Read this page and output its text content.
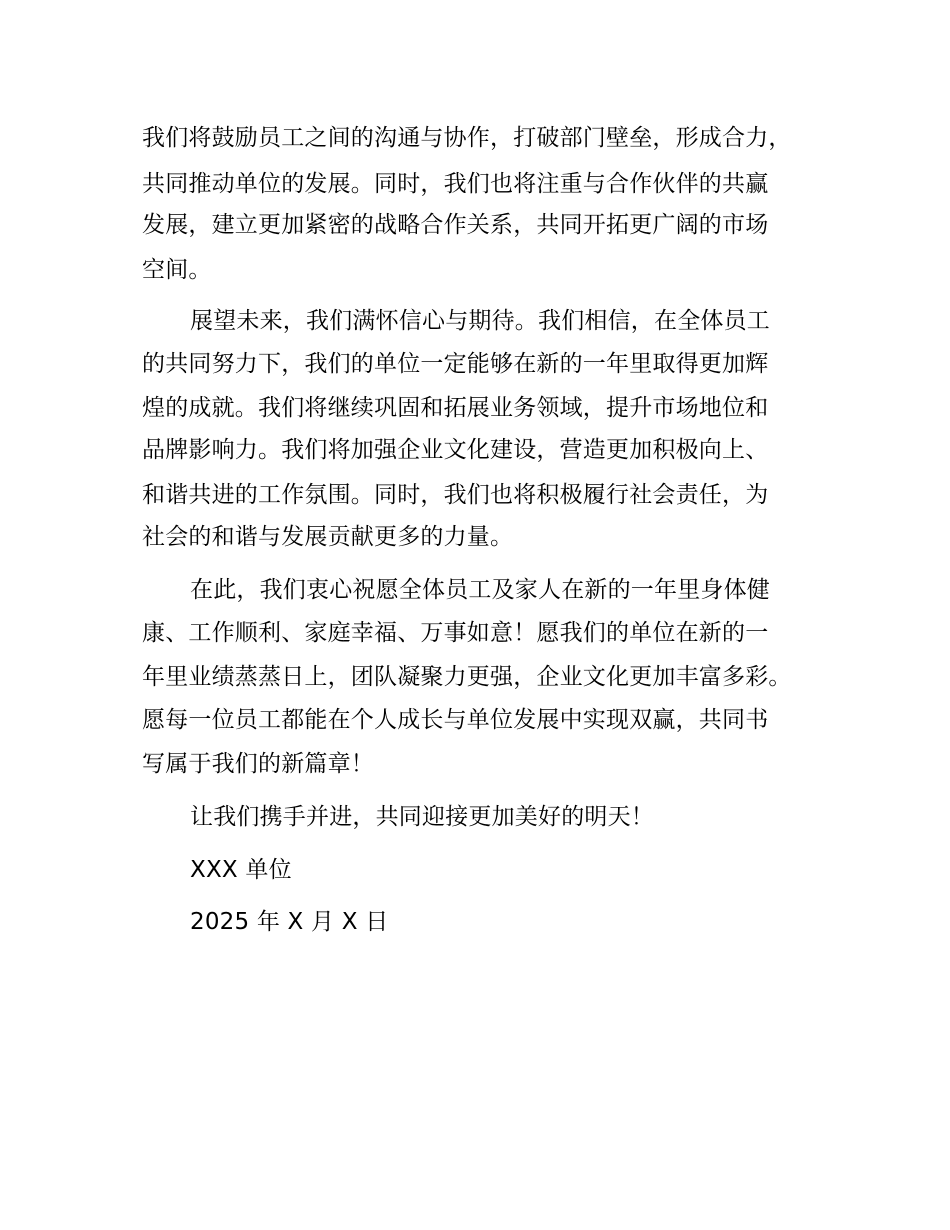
我们将鼓励员工之间的沟通与协作，打破部门壁垒，形成合力，
共同推动单位的发展。同时，我们也将注重与合作伙伴的共赢
发展，建立更加紧密的战略合作关系，共同开拓更广阔的市场
空间。
展望未来，我们满怀信心与期待。我们相信，在全体员工
的共同努力下，我们的单位一定能够在新的一年里取得更加辉
煌的成就。我们将继续巩固和拓展业务领域，提升市场地位和
品牌影响力。我们将加强企业文化建设，营造更加积极向上、
和谐共进的工作氛围。同时，我们也将积极履行社会责任，为
社会的和谐与发展贡献更多的力量。
在此，我们衷心祝愿全体员工及家人在新的一年里身体健
康、工作顺利、家庭幸福、万事如意！愿我们的单位在新的一
年里业绩蒸蒸日上，团队凝聚力更强，企业文化更加丰富多彩。
愿每一位员工都能在个人成长与单位发展中实现双赢，共同书
写属于我们的新篇章！
让我们携手并进，共同迎接更加美好的明天！
XXX 单位
2025 年 X 月 X 日
